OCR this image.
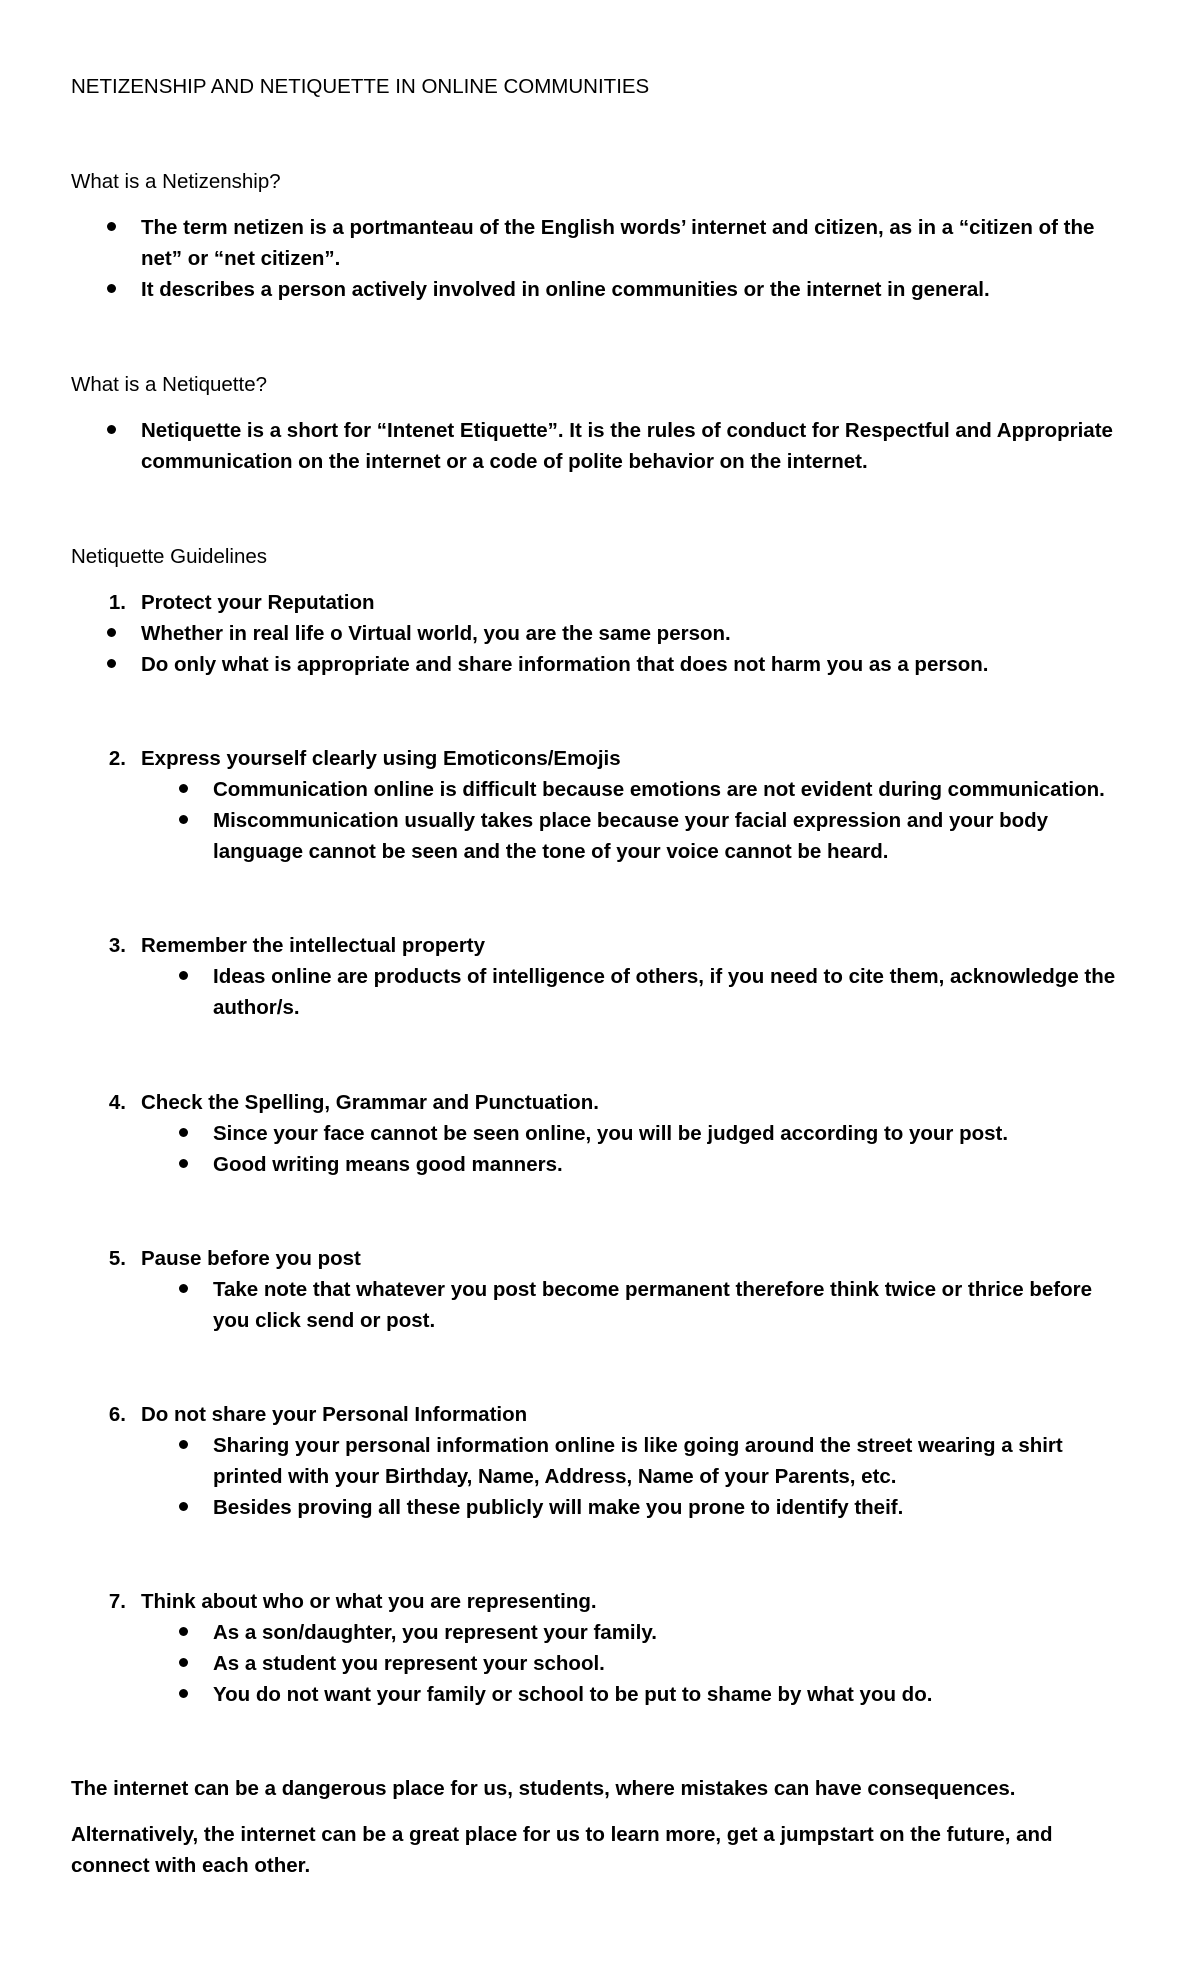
NETIZENSHIP AND NETIQUETTE IN ONLINE COMMUNITIES
What is a Netizenship?
The term netizen is a portmanteau of the English words’ internet and citizen, as in a “citizen of the
net” or “net citizen”.
It describes a person actively involved in online communities or the internet in general.
What is a Netiquette?
Netiquette is a short for “Intenet Etiquette”. It is the rules of conduct for Respectful and Appropriate
communication on the internet or a code of polite behavior on the internet.
Netiquette Guidelines
1. Protect your Reputation
Whether in real life o Virtual world, you are the same person.
Do only what is appropriate and share information that does not harm you as a person.
2. Express yourself clearly using Emoticons/Emojis
Communication online is difficult because emotions are not evident during communication.
Miscommunication usually takes place because your facial expression and your body
language cannot be seen and the tone of your voice cannot be heard.
3. Remember the intellectual property
Ideas online are products of intelligence of others, if you need to cite them, acknowledge the
author/s.
4. Check the Spelling, Grammar and Punctuation.
Since your face cannot be seen online, you will be judged according to your post.
Good writing means good manners.
5. Pause before you post
Take note that whatever you post become permanent therefore think twice or thrice before
you click send or post.
6. Do not share your Personal Information
Sharing your personal information online is like going around the street wearing a shirt
printed with your Birthday, Name, Address, Name of your Parents, etc.
Besides proving all these publicly will make you prone to identify theif.
7. Think about who or what you are representing.
As a son/daughter, you represent your family.
As a student you represent your school.
You do not want your family or school to be put to shame by what you do.
The internet can be a dangerous place for us, students, where mistakes can have consequences.
Alternatively, the internet can be a great place for us to learn more, get a jumpstart on the future, and
connect with each other.
